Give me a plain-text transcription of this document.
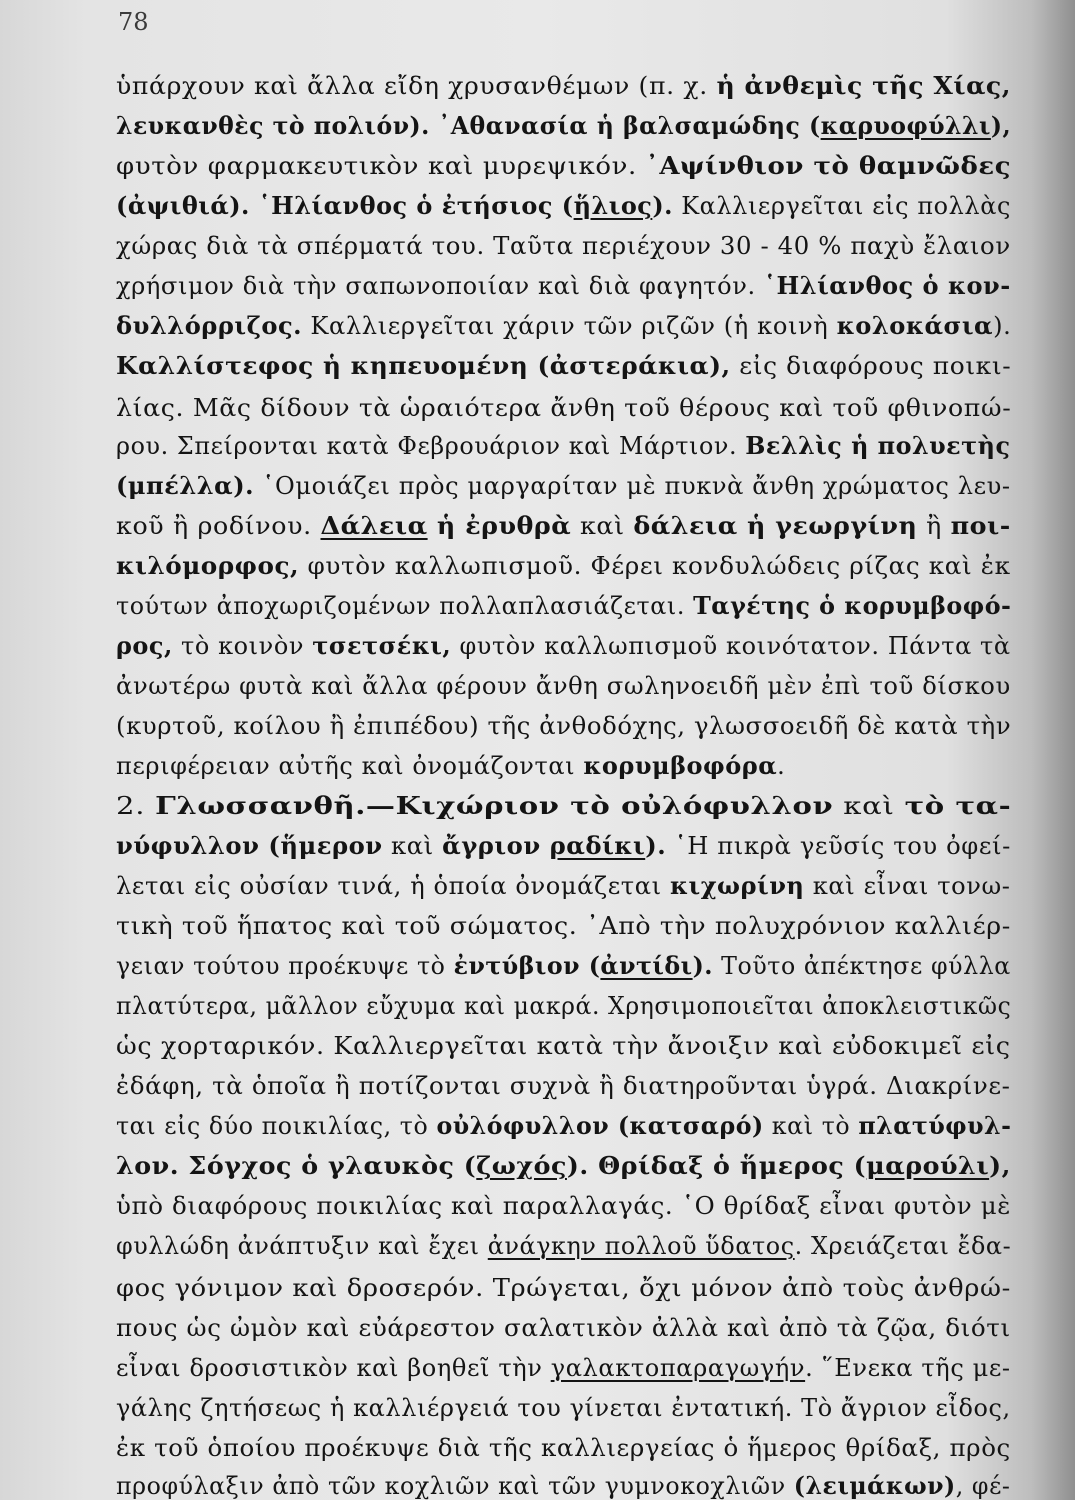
78
ὑπάρχουν καὶ ἄλλα εἴδη χρυσανθέμων (π. χ. ἡ ἀνθεμὶς τῆς Χίας,
λευκανθὲς τὸ πολιόν). ᾿Αθανασία ἡ βαλσαμώδης (καρυοφύλλι),
φυτὸν φαρμακευτικὸν καὶ μυρεψικόν. ᾿Αψίνθιον τὸ θαμνῶδες
(ἀψιθιά). ῾Ηλίανθος ὁ ἐτήσιος (ἥλιος). Καλλιεργεῖται εἰς πολλὰς
χώρας διὰ τὰ σπέρματά του. Ταῦτα περιέχουν 30 - 40 % παχὺ ἔλαιον
χρήσιμον διὰ τὴν σαπωνοποιίαν καὶ διὰ φαγητόν. ῾Ηλίανθος ὁ κον-
δυλλόρριζος. Καλλιεργεῖται χάριν τῶν ριζῶν (ἡ κοινὴ κολοκάσια).
Καλλίστεφος ἡ κηπευομένη (ἀστεράκια), εἰς διαφόρους ποικι-
λίας. Μᾶς δίδουν τὰ ὡραιότερα ἄνθη τοῦ θέρους καὶ τοῦ φθινοπώ-
ρου. Σπείρονται κατὰ Φεβρουάριον καὶ Μάρτιον. Βελλὶς ἡ πολυετὴς
(μπέλλα). ῾Ομοιάζει πρὸς μαργαρίταν μὲ πυκνὰ ἄνθη χρώματος λευ-
κοῦ ἢ ροδίνου. Δάλεια ἡ ἐρυθρὰ καὶ δάλεια ἡ γεωργίνη ἢ ποι-
κιλόμορφος, φυτὸν καλλωπισμοῦ. Φέρει κονδυλώδεις ρίζας καὶ ἐκ
τούτων ἀποχωριζομένων πολλαπλασιάζεται. Ταγέτης ὁ κορυμβοφό-
ρος, τὸ κοινὸν τσετσέκι, φυτὸν καλλωπισμοῦ κοινότατον. Πάντα τὰ
ἀνωτέρω φυτὰ καὶ ἄλλα φέρουν ἄνθη σωληνοειδῆ μὲν ἐπὶ τοῦ δίσκου
(κυρτοῦ, κοίλου ἢ ἐπιπέδου) τῆς ἀνθοδόχης, γλωσσοειδῆ δὲ κατὰ τὴν
περιφέρειαν αὐτῆς καὶ ὀνομάζονται κορυμβοφόρα.
2. Γλωσσανθῆ.—Κιχώριον τὸ οὐλόφυλλον καὶ τὸ τα-
νύφυλλον (ἥμερον καὶ ἄγριον ραδίκι). ῾Η πικρὰ γεῦσίς του ὀφεί-
λεται εἰς οὐσίαν τινά, ἡ ὁποία ὀνομάζεται κιχωρίνη καὶ εἶναι τονω-
τικὴ τοῦ ἥπατος καὶ τοῦ σώματος. ᾿Απὸ τὴν πολυχρόνιον καλλιέρ-
γειαν τούτου προέκυψε τὸ ἐντύβιον (ἀντίδι). Τοῦτο ἀπέκτησε φύλλα
πλατύτερα, μᾶλλον εὔχυμα καὶ μακρά. Χρησιμοποιεῖται ἀποκλειστικῶς
ὡς χορταρικόν. Καλλιεργεῖται κατὰ τὴν ἄνοιξιν καὶ εὐδοκιμεῖ εἰς
ἐδάφη, τὰ ὁποῖα ἢ ποτίζονται συχνὰ ἢ διατηροῦνται ὑγρά. Διακρίνε-
ται εἰς δύο ποικιλίας, τὸ οὐλόφυλλον (κατσαρό) καὶ τὸ πλατύφυλ-
λον. Σόγχος ὁ γλαυκὸς (ζωχός). Θρίδαξ ὁ ἥμερος (μαρούλι),
ὑπὸ διαφόρους ποικιλίας καὶ παραλλαγάς. ῾Ο θρίδαξ εἶναι φυτὸν μὲ
φυλλώδη ἀνάπτυξιν καὶ ἔχει ἀνάγκην πολλοῦ ὕδατος. Χρειάζεται ἔδα-
φος γόνιμον καὶ δροσερόν. Τρώγεται, ὄχι μόνον ἀπὸ τοὺς ἀνθρώ-
πους ὡς ὠμὸν καὶ εὐάρεστον σαλατικὸν ἀλλὰ καὶ ἀπὸ τὰ ζῷα, διότι
εἶναι δροσιστικὸν καὶ βοηθεῖ τὴν γαλακτοπαραγωγήν. ῞Ενεκα τῆς με-
γάλης ζητήσεως ἡ καλλιέργειά του γίνεται ἐντατική. Τὸ ἄγριον εἶδος,
ἐκ τοῦ ὁποίου προέκυψε διὰ τῆς καλλιεργείας ὁ ἥμερος θρίδαξ, πρὸς
προφύλαξιν ἀπὸ τῶν κοχλιῶν καὶ τῶν γυμνοκοχλιῶν (λειμάκων), φέ-
